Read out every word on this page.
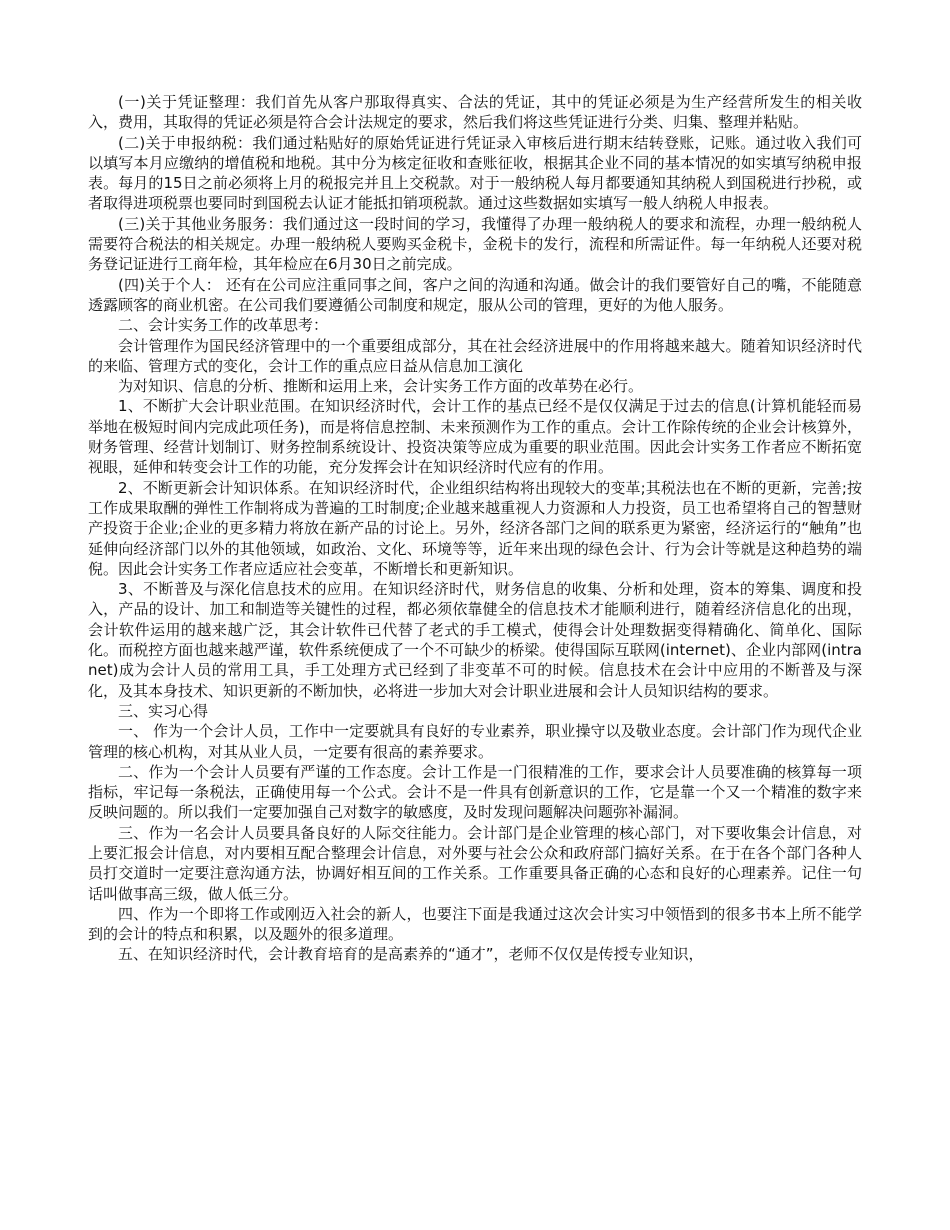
(一)关于凭证整理：我们首先从客户那取得真实、合法的凭证，其中的凭证必须是为生产经营所发生的相关收入，费用，其取得的凭证必须是符合会计法规定的要求，然后我们将这些凭证进行分类、归集、整理并粘贴。

(二)关于申报纳税：我们通过粘贴好的原始凭证进行凭证录入审核后进行期末结转登账，记账。通过收入我们可以填写本月应缴纳的增值税和地税。其中分为核定征收和查账征收，根据其企业不同的基本情况的如实填写纳税申报表。每月的15日之前必须将上月的税报完并且上交税款。对于一般纳税人每月都要通知其纳税人到国税进行抄税，或者取得进项税票也要同时到国税去认证才能抵扣销项税款。通过这些数据如实填写一般人纳税人申报表。

(三)关于其他业务服务：我们通过这一段时间的学习，我懂得了办理一般纳税人的要求和流程，办理一般纳税人需要符合税法的相关规定。办理一般纳税人要购买金税卡，金税卡的发行，流程和所需证件。每一年纳税人还要对税务登记证进行工商年检，其年检应在6月30日之前完成。

(四)关于个人： 还有在公司应注重同事之间，客户之间的沟通和沟通。做会计的我们要管好自己的嘴，不能随意透露顾客的商业机密。在公司我们要遵循公司制度和规定，服从公司的管理，更好的为他人服务。

二、会计实务工作的改革思考：

会计管理作为国民经济管理中的一个重要组成部分，其在社会经济进展中的作用将越来越大。随着知识经济时代的来临、管理方式的变化，会计工作的重点应日益从信息加工演化

为对知识、信息的分析、推断和运用上来，会计实务工作方面的改革势在必行。

1、不断扩大会计职业范围。在知识经济时代，会计工作的基点已经不是仅仅满足于过去的信息(计算机能轻而易举地在极短时间内完成此项任务)，而是将信息控制、未来预测作为工作的重点。会计工作除传统的企业会计核算外，财务管理、经营计划制订、财务控制系统设计、投资决策等应成为重要的职业范围。因此会计实务工作者应不断拓宽视眼，延伸和转变会计工作的功能，充分发挥会计在知识经济时代应有的作用。

2、不断更新会计知识体系。在知识经济时代，企业组织结构将出现较大的变革;其税法也在不断的更新，完善;按工作成果取酬的弹性工作制将成为普遍的工时制度;企业越来越重视人力资源和人力投资，员工也希望将自己的智慧财产投资于企业;企业的更多精力将放在新产品的讨论上。另外，经济各部门之间的联系更为紧密，经济运行的“触角”也延伸向经济部门以外的其他领域，如政治、文化、环境等等，近年来出现的绿色会计、行为会计等就是这种趋势的端倪。因此会计实务工作者应适应社会变革，不断增长和更新知识。

3、不断普及与深化信息技术的应用。在知识经济时代，财务信息的收集、分析和处理，资本的筹集、调度和投入，产品的设计、加工和制造等关键性的过程，都必须依靠健全的信息技术才能顺利进行，随着经济信息化的出现，会计软件运用的越来越广泛，其会计软件已代替了老式的手工模式，使得会计处理数据变得精确化、简单化、国际化。而税控方面也越来越严谨，软件系统便成了一个不可缺少的桥梁。使得国际互联网(internet)、企业内部网(intranet)成为会计人员的常用工具，手工处理方式已经到了非变革不可的时候。信息技术在会计中应用的不断普及与深化，及其本身技术、知识更新的不断加快，必将进一步加大对会计职业进展和会计人员知识结构的要求。

三、实习心得

一、 作为一个会计人员，工作中一定要就具有良好的专业素养，职业操守以及敬业态度。会计部门作为现代企业管理的核心机构，对其从业人员，一定要有很高的素养要求。

二、作为一个会计人员要有严谨的工作态度。会计工作是一门很精准的工作，要求会计人员要准确的核算每一项指标，牢记每一条税法，正确使用每一个公式。会计不是一件具有创新意识的工作，它是靠一个又一个精准的数字来反映问题的。所以我们一定要加强自己对数字的敏感度，及时发现问题解决问题弥补漏洞。

三、作为一名会计人员要具备良好的人际交往能力。会计部门是企业管理的核心部门，对下要收集会计信息，对上要汇报会计信息，对内要相互配合整理会计信息，对外要与社会公众和政府部门搞好关系。在于在各个部门各种人员打交道时一定要注意沟通方法，协调好相互间的工作关系。工作重要具备正确的心态和良好的心理素养。记住一句话叫做事高三级，做人低三分。

四、作为一个即将工作或刚迈入社会的新人，也要注下面是我通过这次会计实习中领悟到的很多书本上所不能学到的会计的特点和积累，以及题外的很多道理。

五、在知识经济时代，会计教育培育的是高素养的“通才”，老师不仅仅是传授专业知识，
